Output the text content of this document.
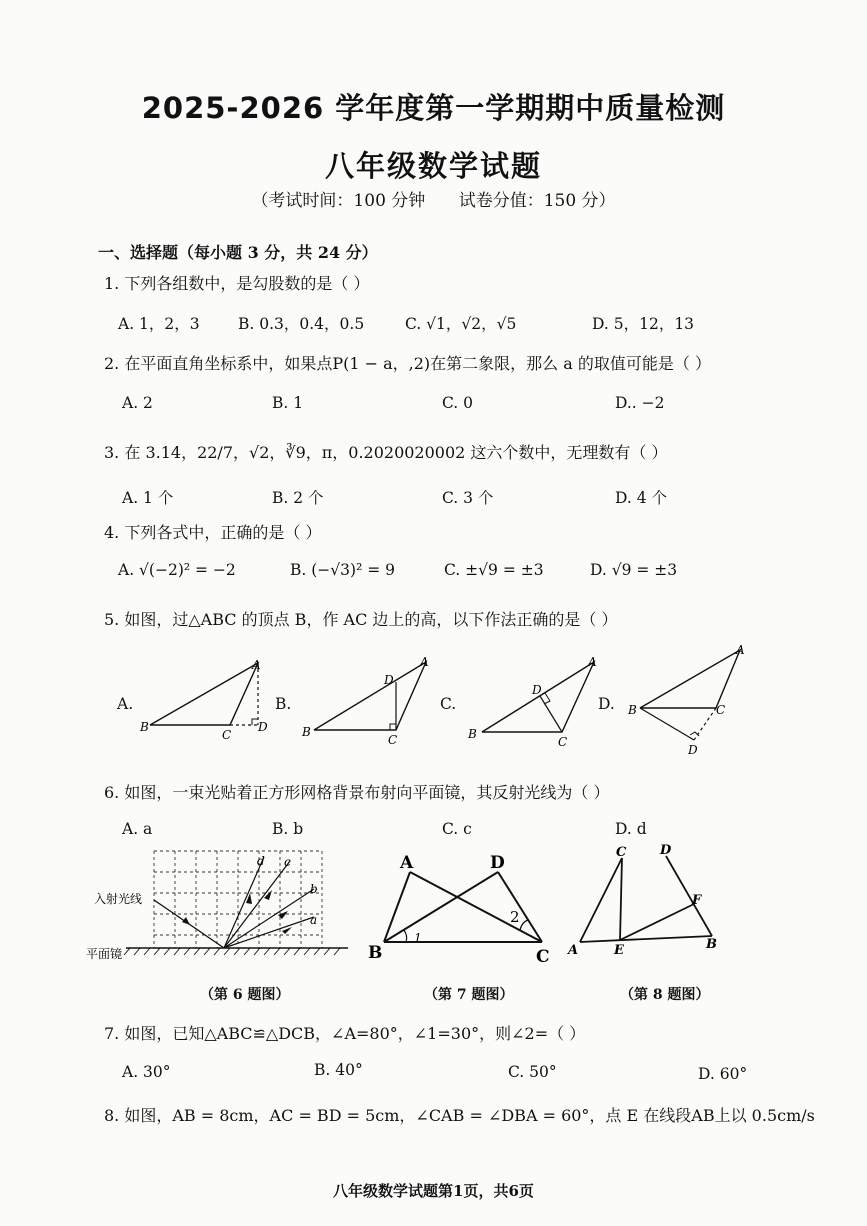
2025-2026 学年度第一学期期中质量检测
八年级数学试题
（考试时间：100 分钟 试卷分值：150 分）
一、选择题（每小题 3 分，共 24 分）
1. 下列各组数中，是勾股数的是（ ）
A. 1，2，3 B. 0.3，0.4，0.5	C. √1，√2，√5	D. 5，12，13
2. 在平面直角坐标系中，如果点P(1 − a，,2)在第二象限，那么 a 的取值可能是（ ）
A. 2	B. 1	C. 0	D.. −2
3. 在 3.14，22/7，√2，∛9，π，0.2020020002 这六个数中，无理数有（ ）
A. 1 个	B. 2 个	C. 3 个	D. 4 个
4. 下列各式中，正确的是（ ）
A. √(−2)² = −2	B. (−√3)² = 9	C. ±√9 = ±3	D. √9 = ±3
5. 如图，过△ABC 的顶点 B，作 AC 边上的高，以下作法正确的是（ ）
A.	B.	C.	D.
A
B
C
D
A
B
C
D
A
B
C
D
A
B	C
D
6. 如图，一束光贴着正方形网格背景布射向平面镜，其反射光线为（ ）
A. a	B. b	C. c	D. d
d c
b
a
入射光线
平面镜
A	D
B	C
1
2
C	D
F
A	E	B
（第 6 题图）	（第 7 题图）	（第 8 题图）
7. 如图，已知△ABC≌△DCB，∠A=80°，∠1=30°，则∠2=（ ）
A. 30°	B. 40°	C. 50°	D. 60°
8. 如图，AB = 8cm，AC = BD = 5cm，∠CAB = ∠DBA = 60°，点 E 在线段AB上以 0.5cm/s
八年级数学试题第1页，共6页
